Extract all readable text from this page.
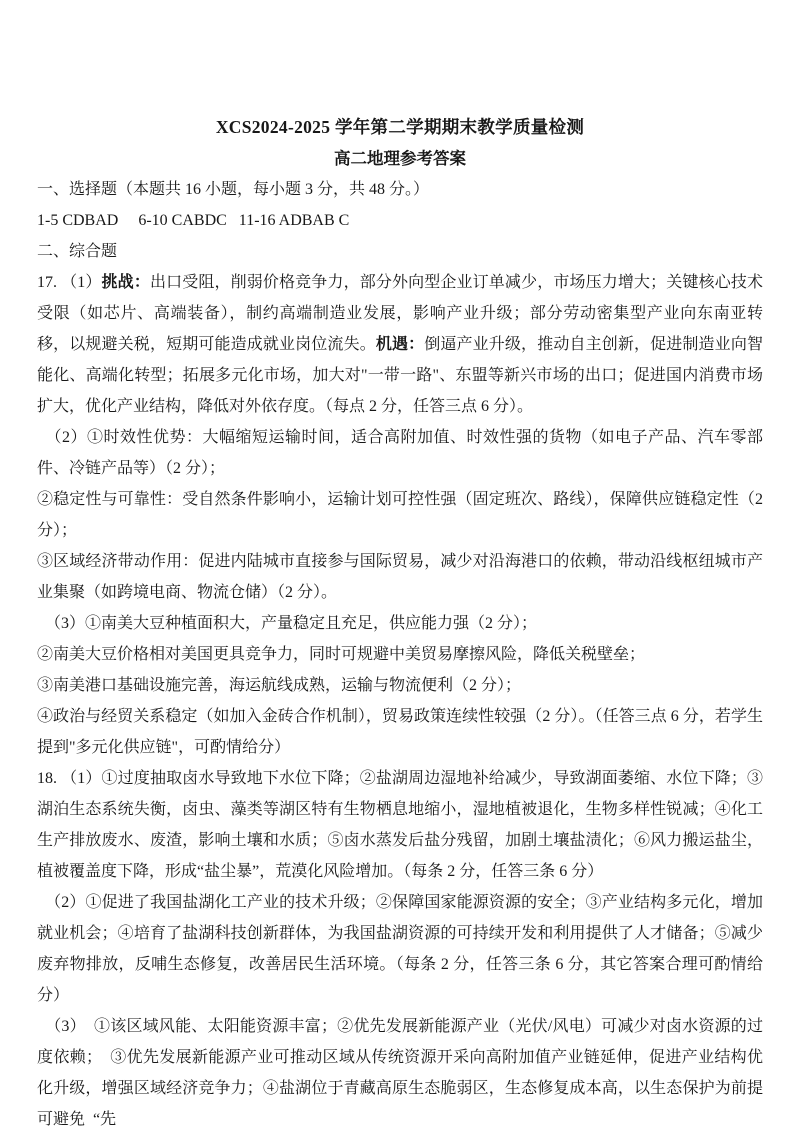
XCS2024-2025 学年第二学期期末教学质量检测
高二地理参考答案

一、选择题（本题共 16 小题，每小题 3 分，共 48 分。）

1-5 CDBAD  6-10 CABDC  11-16 ADBAB C

二、综合题

17. （1）挑战：出口受阻，削弱价格竞争力，部分外向型企业订单减少，市场压力增大；关键核心技术受限（如芯片、高端装备），制约高端制造业发展，影响产业升级；部分劳动密集型产业向东南亚转移，以规避关税，短期可能造成就业岗位流失。机遇：倒逼产业升级，推动自主创新，促进制造业向智能化、高端化转型；拓展多元化市场，加大对"一带一路"、东盟等新兴市场的出口；促进国内消费市场扩大，优化产业结构，降低对外依存度。（每点 2 分，任答三点 6 分）。

 （2）①时效性优势：大幅缩短运输时间，适合高附加值、时效性强的货物（如电子产品、汽车零部件、冷链产品等）（2 分）；

②稳定性与可靠性：受自然条件影响小，运输计划可控性强（固定班次、路线），保障供应链稳定性（2 分）；

③区域经济带动作用：促进内陆城市直接参与国际贸易，减少对沿海港口的依赖，带动沿线枢纽城市产业集聚（如跨境电商、物流仓储）（2 分）。

 （3）①南美大豆种植面积大，产量稳定且充足，供应能力强（2 分）；

②南美大豆价格相对美国更具竞争力，同时可规避中美贸易摩擦风险，降低关税壁垒；

③南美港口基础设施完善，海运航线成熟，运输与物流便利（2 分）；

④政治与经贸关系稳定（如加入金砖合作机制），贸易政策连续性较强（2 分）。（任答三点 6 分，若学生提到"多元化供应链"，可酌情给分）

18. （1）①过度抽取卤水导致地下水位下降；②盐湖周边湿地补给减少，导致湖面萎缩、水位下降；③湖泊生态系统失衡，卤虫、藻类等湖区特有生物栖息地缩小，湿地植被退化，生物多样性锐减；④化工生产排放废水、废渣，影响土壤和水质；⑤卤水蒸发后盐分残留，加剧土壤盐渍化；⑥风力搬运盐尘，植被覆盖度下降，形成“盐尘暴”，荒漠化风险增加。（每条 2 分，任答三条 6 分）

 （2）①促进了我国盐湖化工产业的技术升级；②保障国家能源资源的安全；③产业结构多元化，增加就业机会；④培育了盐湖科技创新群体，为我国盐湖资源的可持续开发和利用提供了人才储备；⑤减少废弃物排放，反哺生态修复，改善居民生活环境。（每条 2 分，任答三条 6 分，其它答案合理可酌情给分）

 （3） ①该区域风能、太阳能资源丰富；②优先发展新能源产业（光伏/风电）可减少对卤水资源的过度依赖； ③优先发展新能源产业可推动区域从传统资源开采向高附加值产业链延伸，促进产业结构优化升级，增强区域经济竞争力；④盐湖位于青藏高原生态脆弱区，生态修复成本高，以生态保护为前提可避免 “先
